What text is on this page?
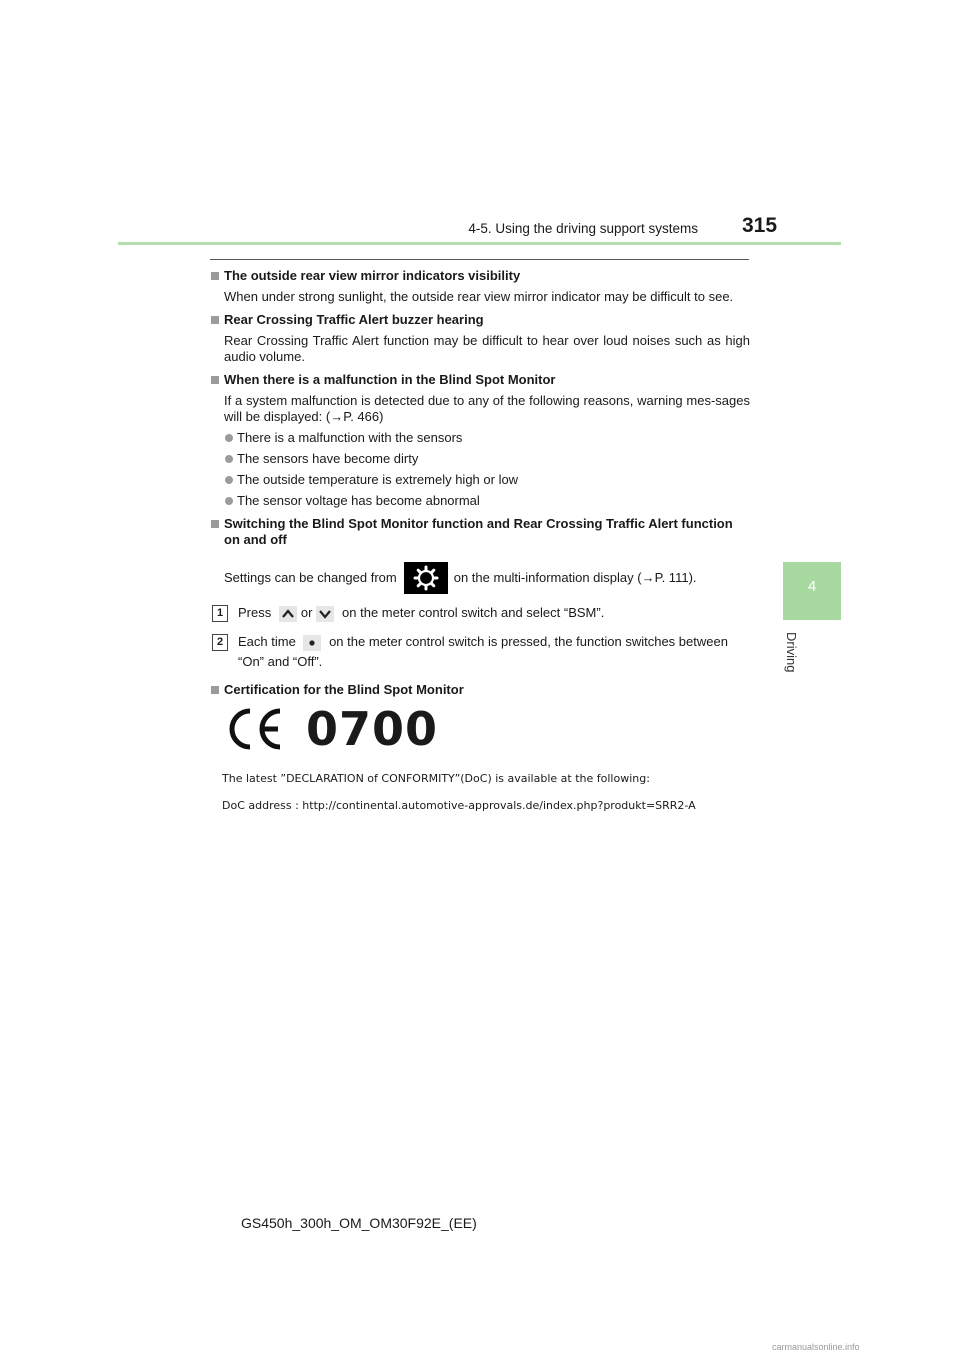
4-5. Using the driving support systems 315
4
Driving
The outside rear view mirror indicators visibility
When under strong sunlight, the outside rear view mirror indicator may be difficult to see.
Rear Crossing Traffic Alert buzzer hearing
Rear Crossing Traffic Alert function may be difficult to hear over loud noises such as high audio volume.
When there is a malfunction in the Blind Spot Monitor
If a system malfunction is detected due to any of the following reasons, warning mes-sages will be displayed: (→P. 466)
There is a malfunction with the sensors
The sensors have become dirty
The outside temperature is extremely high or low
The sensor voltage has become abnormal
Switching the Blind Spot Monitor function and Rear Crossing Traffic Alert function on and off
Settings can be changed from	on the multi-information display (→P. 111).
1	Press or on the meter control switch and select “BSM”.
2	Each time	on the meter control switch is pressed, the function switches between “On” and “Off”.
Certification for the Blind Spot Monitor
0700
The latest ”DECLARATION of CONFORMITY”(DoC) is available at the following:
DoC address : http://continental.automotive-approvals.de/index.php?produkt=SRR2-A
GS450h_300h_OM_OM30F92E_(EE)
carmanualsonline.info
